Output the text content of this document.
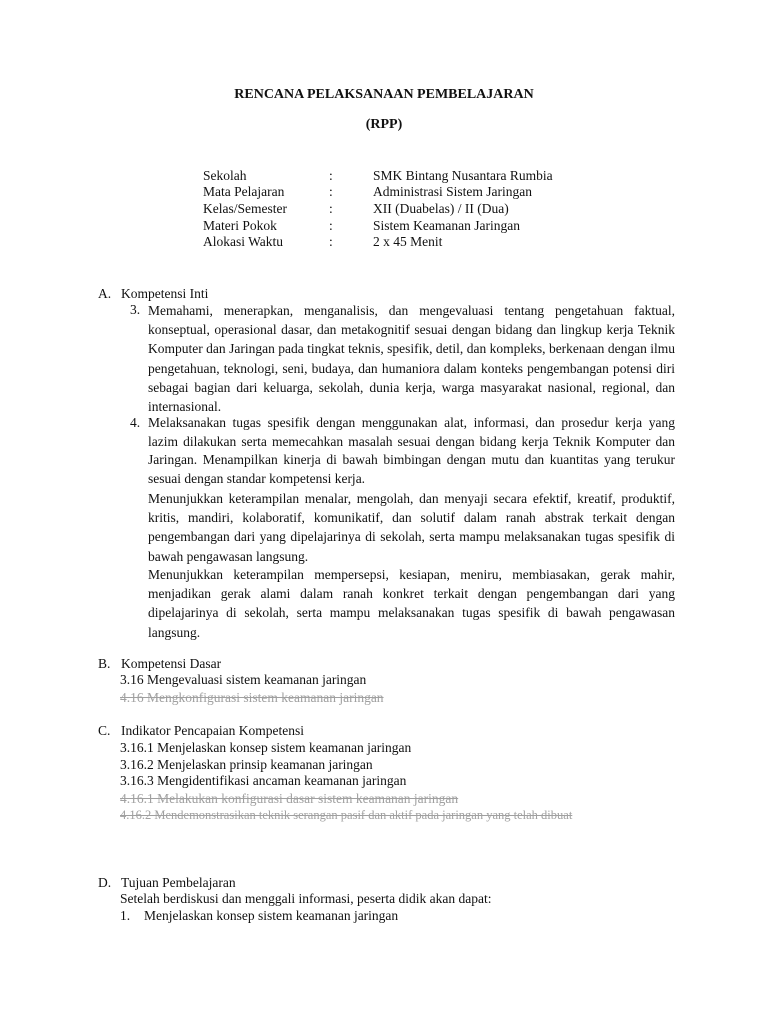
RENCANA PELAKSANAAN PEMBELAJARAN
(RPP)
Sekolah	:	SMK Bintang Nusantara Rumbia
Mata Pelajaran	:	Administrasi Sistem Jaringan
Kelas/Semester	:	XII (Duabelas) / II (Dua)
Materi Pokok	:	Sistem Keamanan Jaringan
Alokasi Waktu	:	2 x 45 Menit
A. Kompetensi Inti
3. Memahami, menerapkan, menganalisis, dan mengevaluasi tentang pengetahuan faktual, konseptual, operasional dasar, dan metakognitif sesuai dengan bidang dan lingkup kerja Teknik Komputer dan Jaringan pada tingkat teknis, spesifik, detil, dan kompleks, berkenaan dengan ilmu pengetahuan, teknologi, seni, budaya, dan humaniora dalam konteks pengembangan potensi diri sebagai bagian dari keluarga, sekolah, dunia kerja, warga masyarakat nasional, regional, dan internasional.
4. Melaksanakan tugas spesifik dengan menggunakan alat, informasi, dan prosedur kerja yang lazim dilakukan serta memecahkan masalah sesuai dengan bidang kerja Teknik Komputer dan Jaringan. Menampilkan kinerja di bawah bimbingan dengan mutu dan kuantitas yang terukur sesuai dengan standar kompetensi kerja.
Menunjukkan keterampilan menalar, mengolah, dan menyaji secara efektif, kreatif, produktif, kritis, mandiri, kolaboratif, komunikatif, dan solutif dalam ranah abstrak terkait dengan pengembangan dari yang dipelajarinya di sekolah, serta mampu melaksanakan tugas spesifik di bawah pengawasan langsung.
Menunjukkan keterampilan mempersepsi, kesiapan, meniru, membiasakan, gerak mahir, menjadikan gerak alami dalam ranah konkret terkait dengan pengembangan dari yang dipelajarinya di sekolah, serta mampu melaksanakan tugas spesifik di bawah pengawasan langsung.
B. Kompetensi Dasar
3.16 Mengevaluasi sistem keamanan jaringan
4.16 Mengkonfigurasi sistem keamanan jaringan
C. Indikator Pencapaian Kompetensi
3.16.1 Menjelaskan konsep sistem keamanan jaringan
3.16.2 Menjelaskan prinsip keamanan jaringan
3.16.3 Mengidentifikasi ancaman keamanan jaringan
4.16.1 Melakukan konfigurasi dasar sistem keamanan jaringan
4.16.2 Mendemonstrasikan teknik serangan pasif dan aktif pada jaringan yang telah dibuat
D. Tujuan Pembelajaran
Setelah berdiskusi dan menggali informasi, peserta didik akan dapat:
1. Menjelaskan konsep sistem keamanan jaringan
